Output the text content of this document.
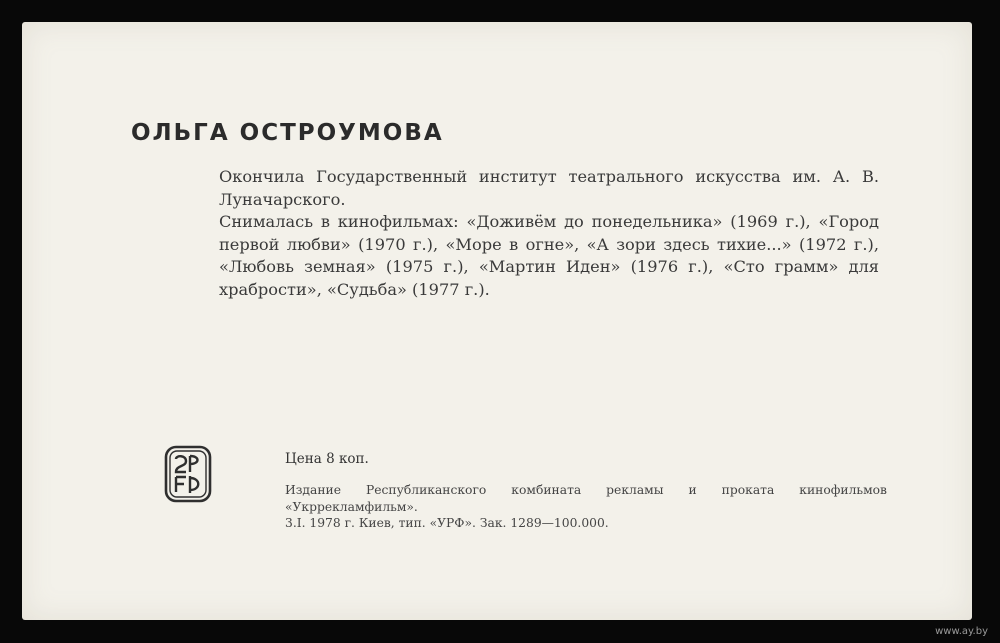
ОЛЬГА ОСТРОУМОВА

Окончила Государственный институт театрального искусства им. А. В. Луначарского.

Снималась в кинофильмах: «Доживём до понедельника» (1969 г.), «Город первой любви» (1970 г.), «Море в огне», «А зори здесь тихие...» (1972 г.), «Любовь земная» (1975 г.), «Мартин Иден» (1976 г.), «Сто грамм» для храбрости», «Судьба» (1977 г.).

Цена 8 коп.

Издание Республиканского комбината рекламы и проката кинофильмов «Укррекламфильм».

3.I. 1978 г. Киев, тип. «УРФ». Зак. 1289—100.000.

www.ay.by
